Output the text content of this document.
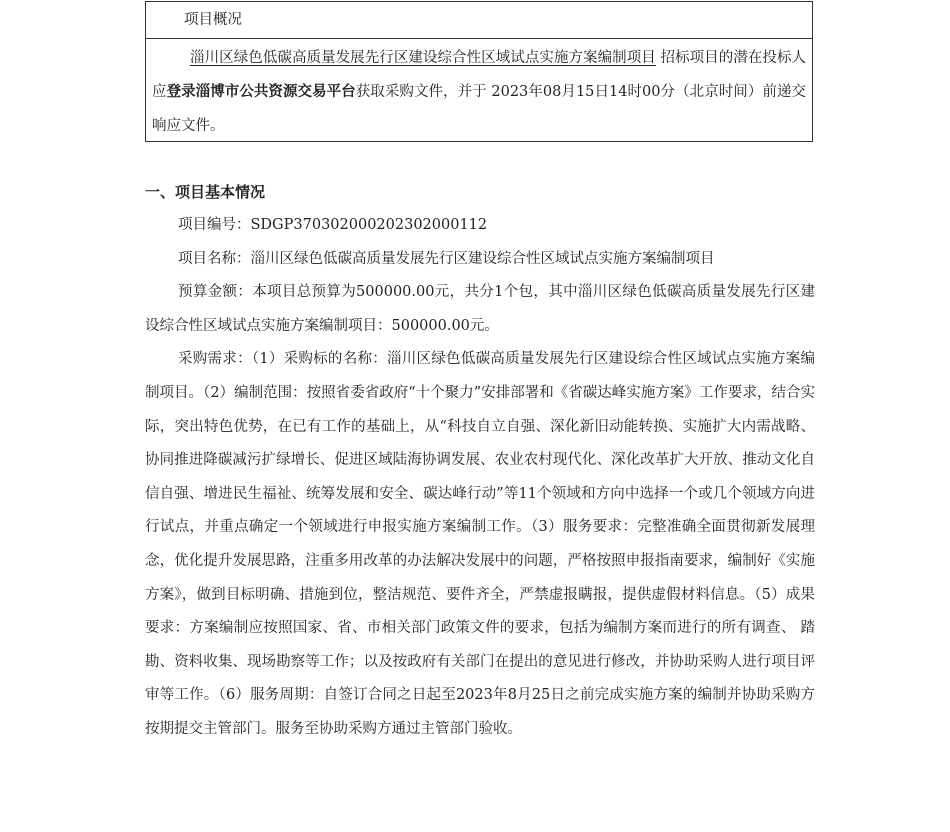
项目概况
淄川区绿色低碳高质量发展先行区建设综合性区域试点实施方案编制项目 招标项目的潜在投标人应登录淄博市公共资源交易平台获取采购文件，并于 2023年08月15日14时00分（北京时间）前递交响应文件。

一、项目基本情况

项目编号：SDGP370302000202302000112

项目名称：淄川区绿色低碳高质量发展先行区建设综合性区域试点实施方案编制项目

预算金额：本项目总预算为500000.00元，共分1个包，其中淄川区绿色低碳高质量发展先行区建设综合性区域试点实施方案编制项目：500000.00元。

采购需求：（1）采购标的名称：淄川区绿色低碳高质量发展先行区建设综合性区域试点实施方案编制项目。（2）编制范围：按照省委省政府“十个聚力”安排部署和《省碳达峰实施方案》工作要求，结合实际，突出特色优势，在已有工作的基础上，从“科技自立自强、深化新旧动能转换、实施扩大内需战略、协同推进降碳减污扩绿增长、促进区域陆海协调发展、农业农村现代化、深化改革扩大开放、推动文化自信自强、增进民生福祉、统筹发展和安全、碳达峰行动”等11个领域和方向中选择一个或几个领域方向进行试点，并重点确定一个领域进行申报实施方案编制工作。（3）服务要求：完整准确全面贯彻新发展理念，优化提升发展思路，注重多用改革的办法解决发展中的问题，严格按照申报指南要求，编制好《实施方案》，做到目标明确、措施到位，整洁规范、要件齐全，严禁虚报瞒报，提供虚假材料信息。（5）成果要求：方案编制应按照国家、省、市相关部门政策文件的要求，包括为编制方案而进行的所有调查、 踏勘、资料收集、现场勘察等工作；以及按政府有关部门在提出的意见进行修改，并协助采购人进行项目评审等工作。（6）服务周期：自签订合同之日起至2023年8月25日之前完成实施方案的编制并协助采购方按期提交主管部门。服务至协助采购方通过主管部门验收。
